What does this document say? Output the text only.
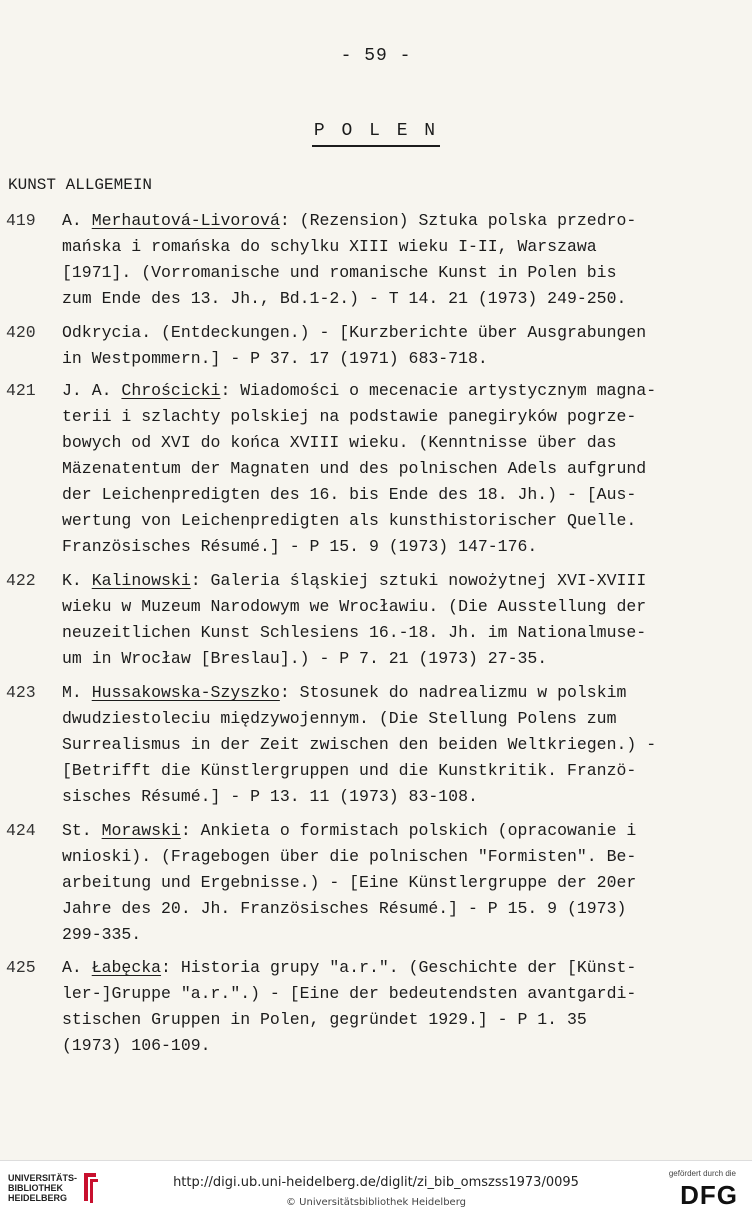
- 59 -
P O L E N
KUNST ALLGEMEIN
419 A. Merhautová-Livorová: (Rezension) Sztuka polska przedro-
mańska i romańska do schylku XIII wieku I-II, Warszawa
[1971]. (Vorromanische und romanische Kunst in Polen bis
zum Ende des 13. Jh., Bd.1-2.) - T 14. 21 (1973) 249-250.
420 Odkrycia. (Entdeckungen.) - [Kurzberichte über Ausgrabungen
in Westpommern.] - P 37. 17 (1971) 683-718.
421 J. A. Chrościcki: Wiadomości o mecenacie artystycznym magna-
terii i szlachty polskiej na podstawie panegiryków pogrze-
bowych od XVI do końca XVIII wieku. (Kenntnisse über das
Mäzenatentum der Magnaten und des polnischen Adels aufgrund
der Leichenpredigten des 16. bis Ende des 18. Jh.) - [Aus-
wertung von Leichenpredigten als kunsthistorischer Quelle.
Französisches Résumé.] - P 15. 9 (1973) 147-176.
422 K. Kalinowski: Galeria śląskiej sztuki nowożytnej XVI-XVIII
wieku w Muzeum Narodowym we Wrocławiu. (Die Ausstellung der
neuzeitlichen Kunst Schlesiens 16.-18. Jh. im Nationalmuse-
um in Wrocław [Breslau].) - P 7. 21 (1973) 27-35.
423 M. Hussakowska-Szyszko: Stosunek do nadrealizmu w polskim
dwudziestoleciu międzywojennym. (Die Stellung Polens zum
Surrealismus in der Zeit zwischen den beiden Weltkriegen.) -
[Betrifft die Künstlergruppen und die Kunstkritik. Franzö-
sisches Résumé.] - P 13. 11 (1973) 83-108.
424 St. Morawski: Ankieta o formistach polskich (opracowanie i
wnioski). (Fragebogen über die polnischen "Formisten". Be-
arbeitung und Ergebnisse.) - [Eine Künstlergruppe der 20er
Jahre des 20. Jh. Französisches Résumé.] - P 15. 9 (1973)
299-335.
425 A. Łabęcka: Historia grupy "a.r.". (Geschichte der [Künst-
ler-]Gruppe "a.r.".) - [Eine der bedeutendsten avantgardi-
stischen Gruppen in Polen, gegründet 1929.] - P 1. 35
(1973) 106-109.
UNIVERSITÄTS-
BIBLIOTHEK
HEIDELBERG
http://digi.ub.uni-heidelberg.de/diglit/zi_bib_omszss1973/0095
© Universitätsbibliothek Heidelberg
gefördert durch die
DFG
